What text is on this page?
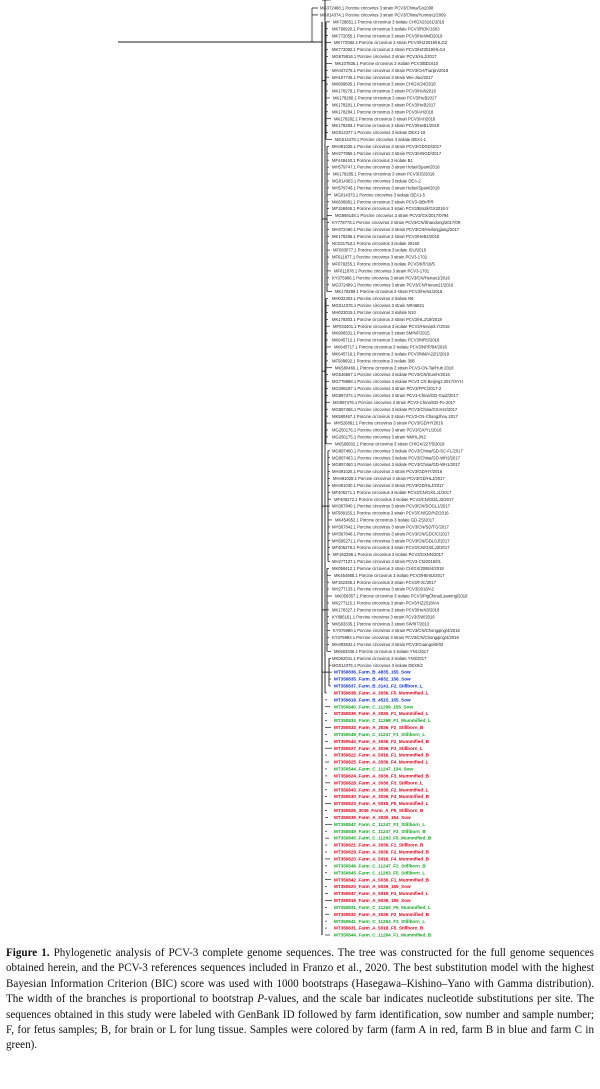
MG372488.1 Porcine circovirus 3 strain PCV3/China/Gx2008
MG014374.1 Porcine circovirus 3 strain PCV3/China/Yunnan1/2009
MK728851.1 Porcine circovirus 3 isolate CH/GX20161/2016
MK796920.1 Porcine circovirus 3 isolate PCV3/ROK/1603
MK772055.1 Porcine circovirus 3 strain PCV3/HeNMD2019
MK772082.1 Porcine circovirus 3 strain PCV3/HZ2019/HLG2
MK772082.1 Porcine circovirus 3 strain PCV3/HZ2019/HLG4
MG679916.1 Porcine circovirus 3 strain PCV3/HLJ/2017
MK107835.1 Porcine circovirus 3 isolate PCV3/BD1610
MH447275.1 Porcine circovirus 3 strain PCV3/CH/Tianjin/2018
MH107746.1 Porcine circovirus 3 strain Wei-Jiao/2017
MK809605.1 Porcine circovirus 3 strain CH/GX/24/2018
MK178279.1 Porcine circovirus 3 strain PCV3/HuN2018
MK178280.1 Porcine circovirus 3 strain PCV3/HeB2017
MK178281.1 Porcine circovirus 3 strain PCV3/HeB2017
MK178284.1 Porcine circovirus 3 strain PCV3/AH2018
MK178282.1 Porcine circovirus 3 strain PCV3/AH2018
MK178283.1 Porcine circovirus 3 strain PCV3/HeB1/2018
MG014377.1 Porcine circovirus 3 isolate DEX1-18
MG014378.1 Porcine circovirus 3 isolate DEX1-1
MH491025.1 Porcine circovirus 3 strain PCV3/GDGD/2017
MH277856.1 Porcine circovirus 3 strain PCV3/HNGD/2017
MF448440.1 Porcine circovirus 3 isolate B1
MH579747.1 Porcine circovirus 3 strain Hebei/Spain/2018
MK178285.1 Porcine circovirus 3 strain PCV3/JS/2018
MG014363.1 Porcine circovirus 3 isolate DEA-2
MH579746.1 Porcine circovirus 3 strain Hebei/Spain/2018
MG014373.1 Porcine circovirus 3 isolate DEA1-5
MK608981.1 Porcine circovirus 3 strain PCV3-StBr/PR
MF158465.1 Porcine circovirus 3 strain PCV3/Brazil/GX2016-2
MG869148.1 Porcine circovirus 3 strain PCV3/GX/2017/0794
KY778776.1 Porcine circovirus 3 strain PCV3/CN/Shandong/2017/09
MH372460.1 Porcine circovirus 3 strain PCV3/CN/Heilongjiang/2017
MK178286.1 Porcine circovirus 3 strain PCV3/HeB2/2018
NC031753.1 Porcine circovirus 3 isolate 29160
MF083077.1 Porcine circovirus 3 isolate ISU/2016
MF611877.1 Porcine circovirus 3 strain PCV3-1702
MF079255.1 Porcine circovirus 3 isolate PCV3/KR/16/5
MF611878.1 Porcine circovirus 3 strain PCV3-1701
KY075986.1 Porcine circovirus 3 strain PCV3/CN/Henan1/2016
MG372489.1 Porcine circovirus 3 strain PCV3/CN/Henan21/2016
MK178289.1 Porcine circovirus 3 strain PCV3/HeN1/2018
MH032303.1 Porcine circovirus 3 isolate N6
MG014376.1 Porcine circovirus 3 strain NR46821
MH023015.1 Porcine circovirus 3 isolate N10
MK178303.1 Porcine circovirus 3 strain PCV3/HLJ/19/2018
MF033401.1 Porcine circovirus 3 isolate PCV3/Henan/LY/2016
MK908331.1 Porcine circovirus 3 strain SM/NF/2015
MK645712.1 Porcine circovirus 3 isolate PCV3/NRS/2018
MK645717.1 Porcine circovirus 3 isolate PCV3/NPP/64/2018
MK645716.1 Porcine circovirus 3 isolate PCV3/NM/A22/1/2019
MF589692.1 Porcine circovirus 3 isolate 308
MK580466.1 Porcine circovirus 3 strain PCV3-CN-Tai/Hub 2018
MG546667.1 Porcine circovirus 3 isolate PCV3/CN/Sun/H/2016
MG778888.1 Porcine circovirus 3 isolate PCV3 CN Beijing2 2017/SYH
MG298197.1 Porcine circovirus 3 strain PCV3/FPC/2017-2
MG897474.1 Porcine circovirus 3 strain PCV3-China/GD-GuiZ/2017
MG897476.1 Porcine circovirus 3 strain PCV3-China/GD-Fo-2017
MG897466.1 Porcine circovirus 3 isolate PCV3/China/GXAH2/2017
MK580467.1 Porcine circovirus 3 strain PCV3-CN-Changzhou 2017
MH526881.1 Porcine circovirus 3 strain PCV3/GD/HY2016
MG250176.1 Porcine circovirus 3 strain PCV3/GX/YL/2016
MG250175.1 Porcine circovirus 3 strain NMHLJN2
MK580502.1 Porcine circovirus 3 strain CH/GX/227/5/2018
MG897460.1 Porcine circovirus 3 isolate PCV3/China/GD-SC-FL/2017
MG897463.1 Porcine circovirus 3 isolate PCV3/China/GD-WH2/2017
MG897460.1 Porcine circovirus 3 isolate PCV3/China/GD-WH1/2017
MH491026.1 Porcine circovirus 3 strain PCV3/GD/HY/2016
MH491028.1 Porcine circovirus 3 strain PCV3/GD/HLJ/2017
MH491030.1 Porcine circovirus 3 strain PCV3/GD/HLJ/2017
MF405271.1 Porcine circovirus 3 isolate PCV3/CN/GX/LJ1/2017
MF405272.1 Porcine circovirus 3 isolate PCV3/CN/GD/LJ2/2017
MH367840.1 Porcine circovirus 3 strain PCV3/CN/SOGL1/2017
MF589155.1 Porcine circovirus 3 strain PCV3/CN/GD/HZ/2016
MK454952.1 Porcine circovirus 3 isolate GD-ZS/2017
MH367842.1 Porcine circovirus 3 strain PCV3/CN/SD/TG/2017
MH367846.1 Porcine circovirus 3 strain PCV3/CN/GDC/C/2017
MH565271.1 Porcine circovirus 3 strain PCV3/CN/GDLSJ/2017
MF405276.1 Porcine circovirus 3 strain PCV3/CN/GX/LJ3/2017
MF162396.1 Porcine circovirus 3 isolate PCV3/GXNN/2017
MH277127.1 Porcine circovirus 3 strain PCV3-CN/2016/01
MK058412.1 Porcine circovirus 3 strain CH/GX/2065/4/2018
MK454955.1 Porcine circovirus 3 isolate PCV3/HB-BJ/2017
MF162395.1 Porcine circovirus 3 strain PCV3/FJC/2017
MH277133.1 Porcine circovirus 3 strain PCV3/2016/A2
MK058357.1 Porcine circovirus 3 isolate PCV3/PigChina/Liaoning/2018
MK277115.1 Porcine circovirus 3 strain PCV3/HZ2018/A4
MK178327.1 Porcine circovirus 3 strain PCV3/HeN3/2018
KY896161.1 Porcine circovirus 3 strain PCV3/SW/2016
MK583335.1 Porcine circovirus 3 strain SW/87/2013
KY075990.1 Porcine circovirus 3 strain PCV3/CN/Chongqing/4/2016
KY075993.1 Porcine circovirus 3 strain PCV3/CN/Chongqing/4/2016
MH493832.1 Porcine circovirus 3 strain PCV3/Guangxi/8/02
MK583336.1 Porcine circovirus 3 isolate YN1/2017
MK062041.1 Porcine circovirus 3 isolate YN3/2017
MG014375.1 Porcine circovirus 3 isolate DEX5/2
MT350836_Farm_B_4835_155_Sow
MT350835_Farm_B_4832_156_Sow
MT350837_Farm_B_3141_F2_Stillborn_L
MT350838_Farm_A_3036_F5_Mummified_L
MT350818_Farm_B_4515_155_Sow
MT350840_Farm_C_11299_155_Sow
MT350839_Farm_A_3036_F1_Mummified_L
MT350834_Farm_C_11268_F1_Mummified_L
MT350833_Farm_A_3036_F2_Stillborn_B
MT350548_Farm_C_11247_F1_Stillborn_L
MT350544_Farm_A_3036_F2_Mummified_B
MT350827_Farm_A_3036_F3_Stillborn_L
MT350822_Farm_A_5016_F1_Mummified_B
MT350825_Farm_A_3036_F4_Mummified_L
MT350544_Farm_C_11247_134_Sow
MT350824_Farm_A_3036_F3_Mummified_B
MT350828_Farm_A_3036_F3_Stillborn_L
MT350843_Farm_A_3036_F2_Mummified_L
MT350830_Farm_A_3036_F4_Mummified_B
MT350823_Farm_A_5018_F5_Mummified_L
MT350826_3036_Farm_A_F5_Stillborn_B
MT350839_Farm_A_3036_154_Sow
MT350847_Farm_C_11247_F3_Stillborn_L
MT350849_Farm_C_11247_F3_Stillborn_B
MT350845_Farm_C_11263_F5_Mummified_B
MT350821_Farm_A_3036_F1_Stillborn_B
MT350829_Farm_A_3036_F2_Mummified_B
MT350820_Farm_A_5018_F4_Mummified_B
MT350546_Farm_C_11247_F2_Stillborn_B
MT350845_Farm_C_11263_F5_Stillborn_L
MT350842_Farm_A_5036_F1_Mummified_B
MT350820_Farm_A_5036_155_Sow
MT350847_Farm_A_5018_F4_Mummified_L
MT350819_Farm_A_5036_155_Sow
MT350831_Farm_C_11263_F5_Mummified_L
MT350832_Farm_A_3036_F2_Mummified_B
MT350841_Farm_C_11263_F3_Stillborn_L
MT350831_Farm_A_5018_F5_Stillborn_B
MT350844_Farm_C_11264_F1_Mummified_B

Figure 1. Phylogenetic analysis of PCV-3 complete genome sequences. The tree was constructed for the full genome sequences obtained herein, and the PCV-3 references sequences included in Franzo et al., 2020. The best substitution model with the highest Bayesian Information Criterion (BIC) score was used with 1000 bootstraps (Hasegawa–Kishino–Yano with Gamma distribution). The width of the branches is proportional to bootstrap P-values, and the scale bar indicates nucleotide substitutions per site. The sequences obtained in this study were labeled with GenBank ID followed by farm identification, sow number and sample number; F, for fetus samples; B, for brain or L for lung tissue. Samples were colored by farm (farm A in red, farm B in blue and farm C in green).
